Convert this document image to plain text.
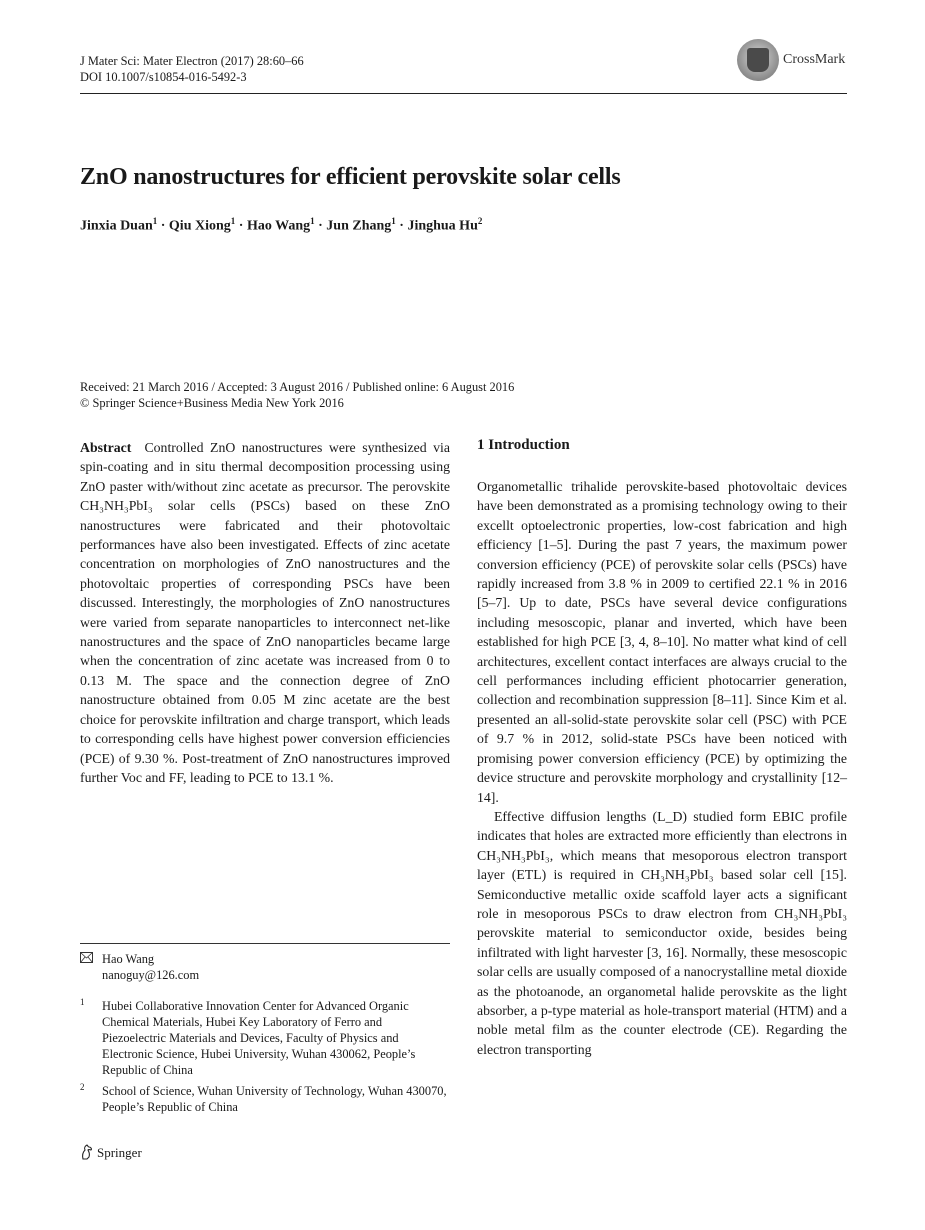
J Mater Sci: Mater Electron (2017) 28:60–66
DOI 10.1007/s10854-016-5492-3
CrossMark
ZnO nanostructures for efficient perovskite solar cells
Jinxia Duan$^1$ · Qiu Xiong$^1$ · Hao Wang$^1$ · Jun Zhang$^1$ · Jinghua Hu$^2$
Received: 21 March 2016 / Accepted: 3 August 2016 / Published online: 6 August 2016
© Springer Science+Business Media New York 2016

Abstract Controlled ZnO nanostructures were synthesized via spin-coating and in situ thermal decomposition processing using ZnO paster with/without zinc acetate as precursor. The perovskite CH₃NH₃PbI₃ solar cells (PSCs) based on these ZnO nanostructures were fabricated and their photovoltaic performances have also been investigated. Effects of zinc acetate concentration on morphologies of ZnO nanostructures and the photovoltaic properties of corresponding PSCs have been discussed. Interestingly, the morphologies of ZnO nanostructures were varied from separate nanoparticles to interconnect net-like nanostructures and the space of ZnO nanoparticles became large when the concentration of zinc acetate was increased from 0 to 0.13 M. The space and the connection degree of ZnO nanostructure obtained from 0.05 M zinc acetate are the best choice for perovskite infiltration and charge transport, which leads to corresponding cells have highest power conversion efficiencies (PCE) of 9.30 %. Post-treatment of ZnO nanostructures improved further Voc and FF, leading to PCE to 13.1 %.

Hao Wang
nanoguy@126.com
1 Hubei Collaborative Innovation Center for Advanced Organic Chemical Materials, Hubei Key Laboratory of Ferro and Piezoelectric Materials and Devices, Faculty of Physics and Electronic Science, Hubei University, Wuhan 430062, People’s Republic of China
2 School of Science, Wuhan University of Technology, Wuhan 430070, People’s Republic of China
1 Introduction

Organometallic trihalide perovskite-based photovoltaic devices have been demonstrated as a promising technology owing to their excellt optoelectronic properties, low-cost fabrication and high efficiency [1–5]. During the past 7 years, the maximum power conversion efficiency (PCE) of perovskite solar cells (PSCs) have rapidly increased from 3.8 % in 2009 to certified 22.1 % in 2016 [5–7]. Up to date, PSCs have several device configurations including mesoscopic, planar and inverted, which have been established for high PCE [3, 4, 8–10]. No matter what kind of cell architectures, excellent contact interfaces are always crucial to the cell performances including efficient photocarrier generation, collection and recombination suppression [8–11]. Since Kim et al. presented an all-solid-state perovskite solar cell (PSC) with PCE of 9.7 % in 2012, solid-state PSCs have been noticed with promising power conversion efficiency (PCE) by optimizing the device structure and perovskite morphology and crystallinity [12–14].

Effective diffusion lengths (L_D) studied form EBIC profile indicates that holes are extracted more efficiently than electrons in CH₃NH₃PbI₃, which means that mesoporous electron transport layer (ETL) is required in CH₃NH₃PbI₃ based solar cell [15]. Semiconductive metallic oxide scaffold layer acts a significant role in mesoporous PSCs to draw electron from CH₃NH₃PbI₃ perovskite material to semiconductor oxide, besides being infiltrated with light harvester [3, 16]. Normally, these mesoscopic solar cells are usually composed of a nanocrystalline metal dioxide as the photoanode, an organometal halide perovskite as the light absorber, a p-type material as hole-transport material (HTM) and a noble metal film as the counter electrode (CE). Regarding the electron transporting

Springer
